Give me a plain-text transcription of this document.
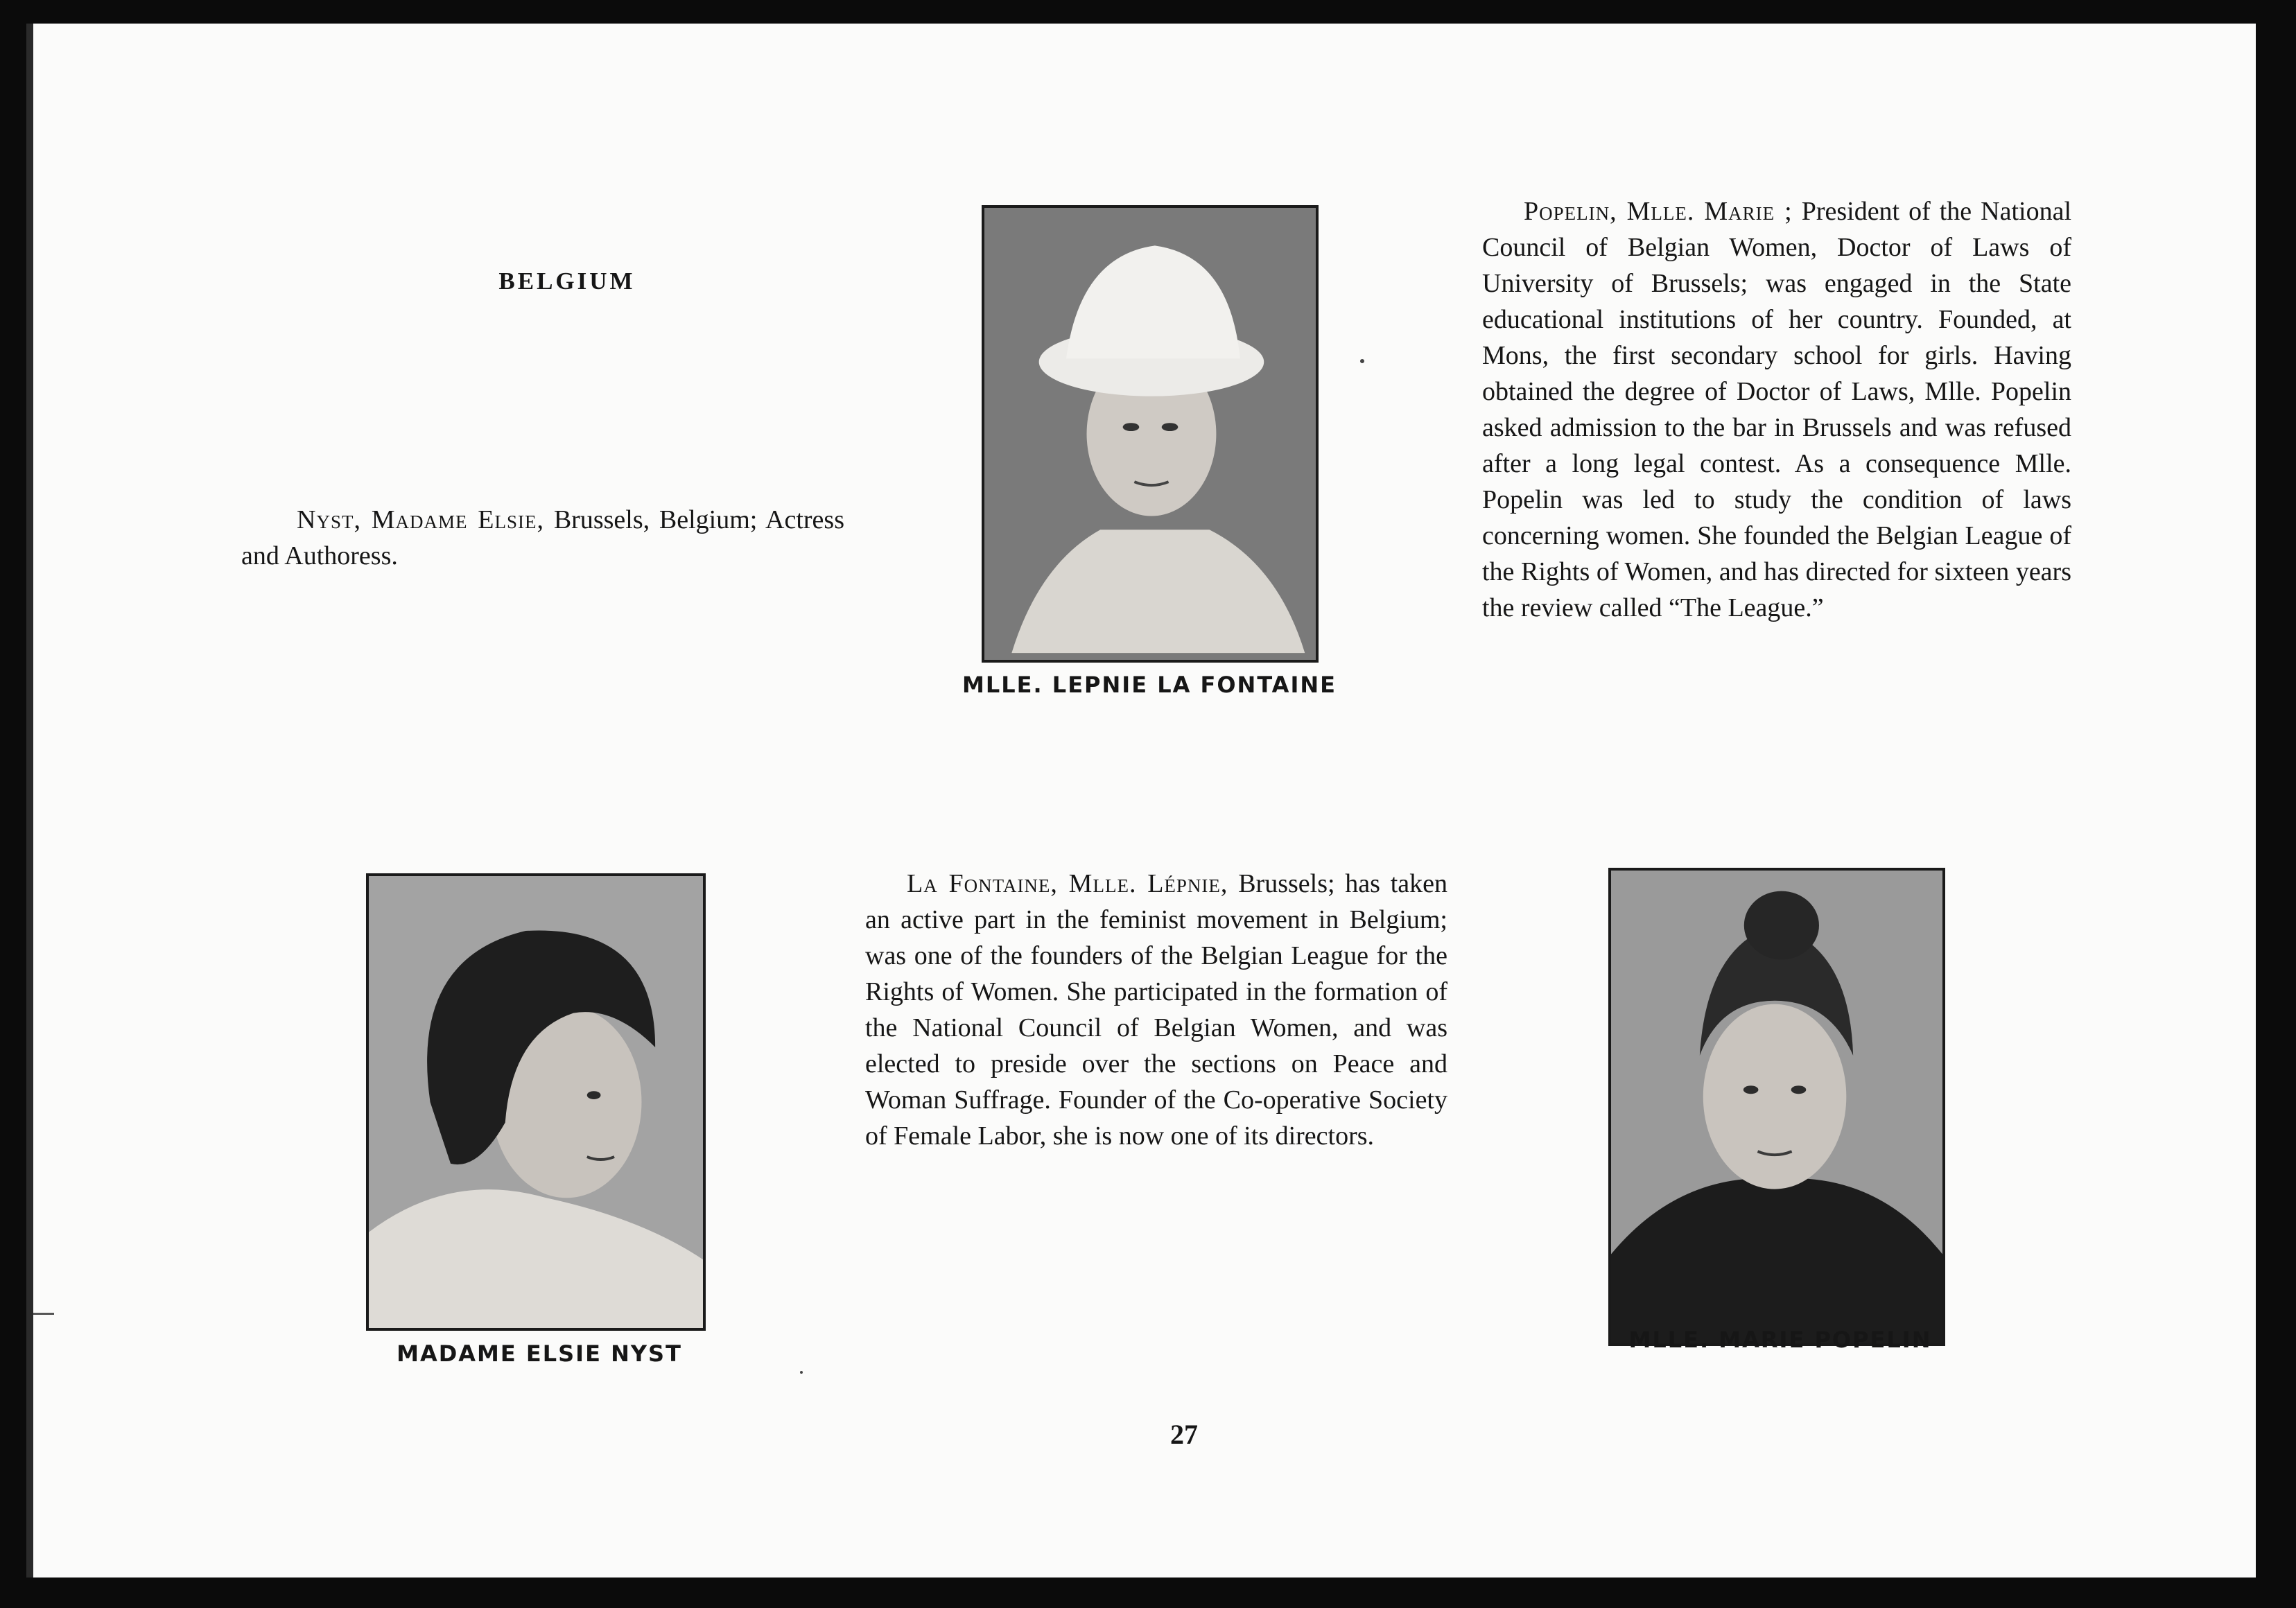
BELGIUM
Nyst, Madame Elsie, Brussels, Belgium; Actress and Authoress.
MLLE. LEPNIE LA FONTAINE
Popelin, Mlle. Marie ; President of the National Council of Belgian Women, Doctor of Laws of University of Brussels; was engaged in the State educational institutions of her country. Founded, at Mons, the first secondary school for girls. Having obtained the degree of Doctor of Laws, Mlle. Popelin asked admission to the bar in Brussels and was refused after a long legal contest. As a consequence Mlle. Popelin was led to study the condition of laws concerning women. She founded the Belgian League of the Rights of Women, and has directed for sixteen years the review called “The League.”
MADAME ELSIE NYST
La Fontaine, Mlle. Lépnie, Brussels; has taken an active part in the feminist movement in Belgium; was one of the founders of the Belgian League for the Rights of Women. She participated in the formation of the National Council of Belgian Women, and was elected to preside over the sections on Peace and Woman Suffrage. Founder of the Co-operative Society of Female Labor, she is now one of its directors.
MLLE. MARIE POPELIN
27
